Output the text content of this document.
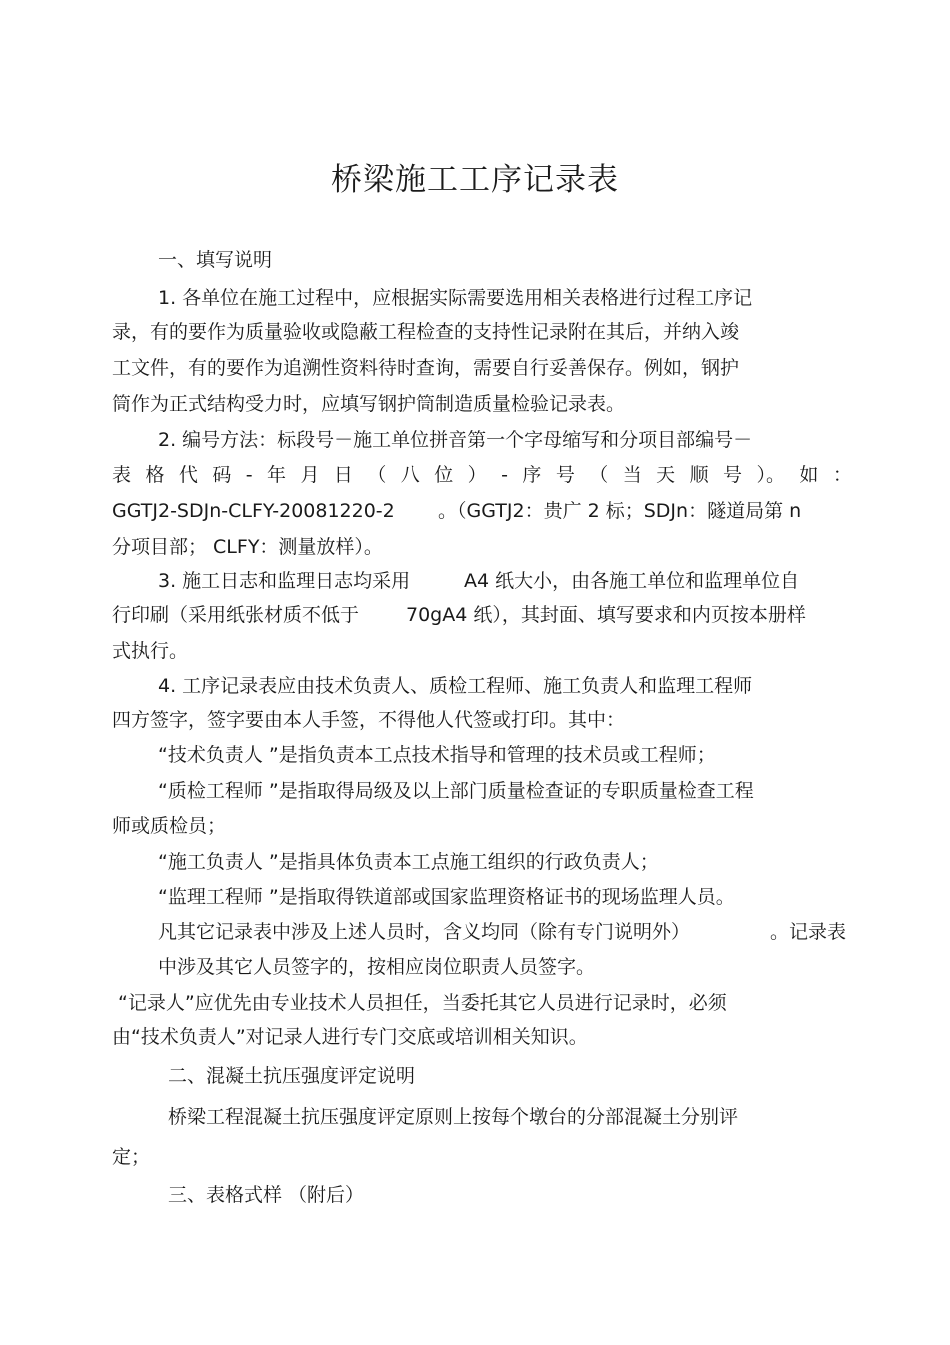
桥梁施工工序记录表
一、填写说明
1. 各单位在施工过程中，应根据实际需要选用相关表格进行过程工序记
录，有的要作为质量验收或隐蔽工程检查的支持性记录附在其后，并纳入竣
工文件，有的要作为追溯性资料待时查询，需要自行妥善保存。例如，钢护
筒作为正式结构受力时，应填写钢护筒制造质量检验记录表。
2. 编号方法：标段号－施工单位拼音第一个字母缩写和分项目部编号－
表 格 代 码 - 年 月 日 （ 八 位 ） - 序 号 （ 当 天 顺 号 ）。 如 ：
GGTJ2-SDJn-CLFY-20081220-2 。（GGTJ2：贵广 2 标；SDJn：隧道局第 n
分项目部； CLFY：测量放样）。
3. 施工日志和监理日志均采用	A4 纸大小，由各施工单位和监理单位自
行印刷（采用纸张材质不低于 70gA4 纸），其封面、填写要求和内页按本册样
式执行。
4. 工序记录表应由技术负责人、质检工程师、施工负责人和监理工程师
四方签字，签字要由本人手签，不得他人代签或打印。其中：
“技术负责人 ”是指负责本工点技术指导和管理的技术员或工程师；
“质检工程师 ”是指取得局级及以上部门质量检查证的专职质量检查工程
师或质检员；
“施工负责人 ”是指具体负责本工点施工组织的行政负责人；
“监理工程师 ”是指取得铁道部或国家监理资格证书的现场监理人员。
凡其它记录表中涉及上述人员时，含义均同（除有专门说明外）	。记录表
中涉及其它人员签字的，按相应岗位职责人员签字。
“记录人”应优先由专业技术人员担任，当委托其它人员进行记录时，必须
由“技术负责人”对记录人进行专门交底或培训相关知识。
二、混凝土抗压强度评定说明
桥梁工程混凝土抗压强度评定原则上按每个墩台的分部混凝土分别评
定；
三、表格式样 （附后）
